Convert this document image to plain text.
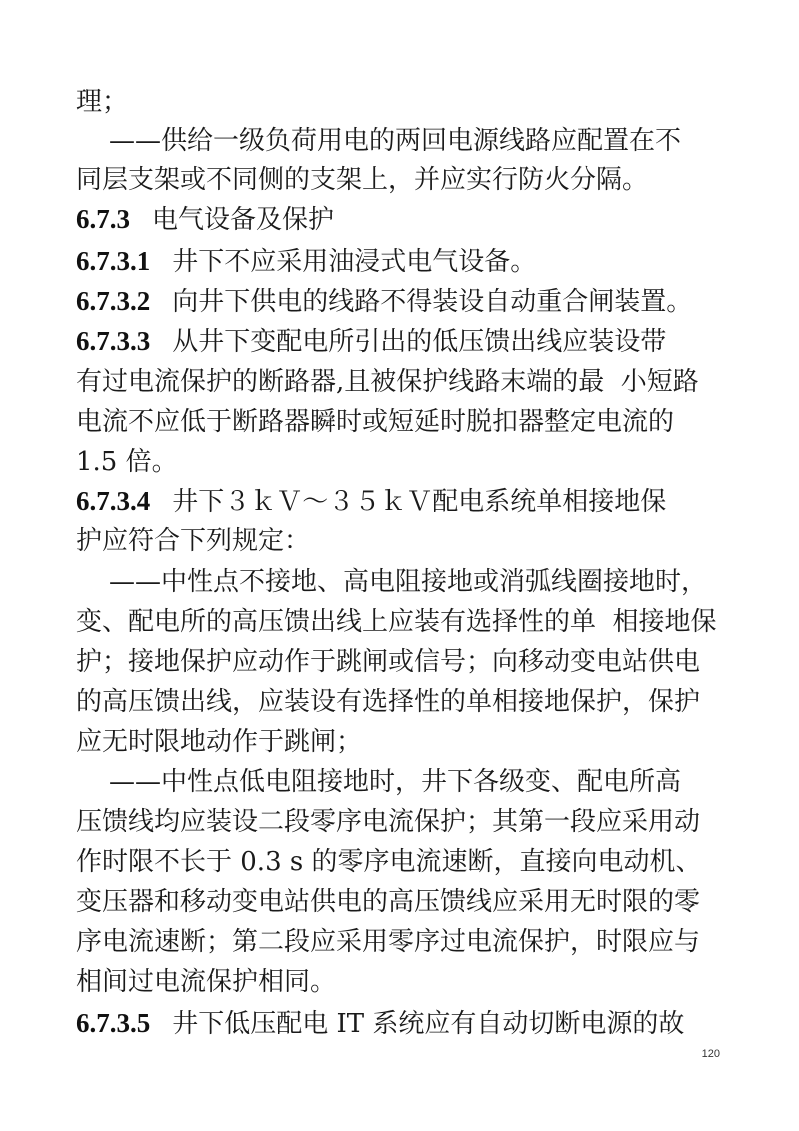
理；
——供给一级负荷用电的两回电源线路应配置在不
同层支架或不同侧的支架上，并应实行防火分隔。
6.7.3 电气设备及保护
6.7.3.1 井下不应采用油浸式电气设备。
6.7.3.2 向井下供电的线路不得装设自动重合闸装置。
6.7.3.3 从井下变配电所引出的低压馈出线应装设带
有过电流保护的断路器,且被保护线路末端的最  小短路
电流不应低于断路器瞬时或短延时脱扣器整定电流的
1.5 倍。
6.7.3.4 井下３ｋＶ～３５ｋＶ配电系统单相接地保
护应符合下列规定：
——中性点不接地、高电阻接地或消弧线圈接地时，
变、配电所的高压馈出线上应装有选择性的单  相接地保
护；接地保护应动作于跳闸或信号；向移动变电站供电
的高压馈出线，应装设有选择性的单相接地保护，保护
应无时限地动作于跳闸；
——中性点低电阻接地时，井下各级变、配电所高
压馈线均应装设二段零序电流保护；其第一段应采用动
作时限不长于 0.3 s 的零序电流速断，直接向电动机、
变压器和移动变电站供电的高压馈线应采用无时限的零
序电流速断；第二段应采用零序过电流保护，时限应与
相间过电流保护相同。
6.7.3.5 井下低压配电 IT 系统应有自动切断电源的故
120
